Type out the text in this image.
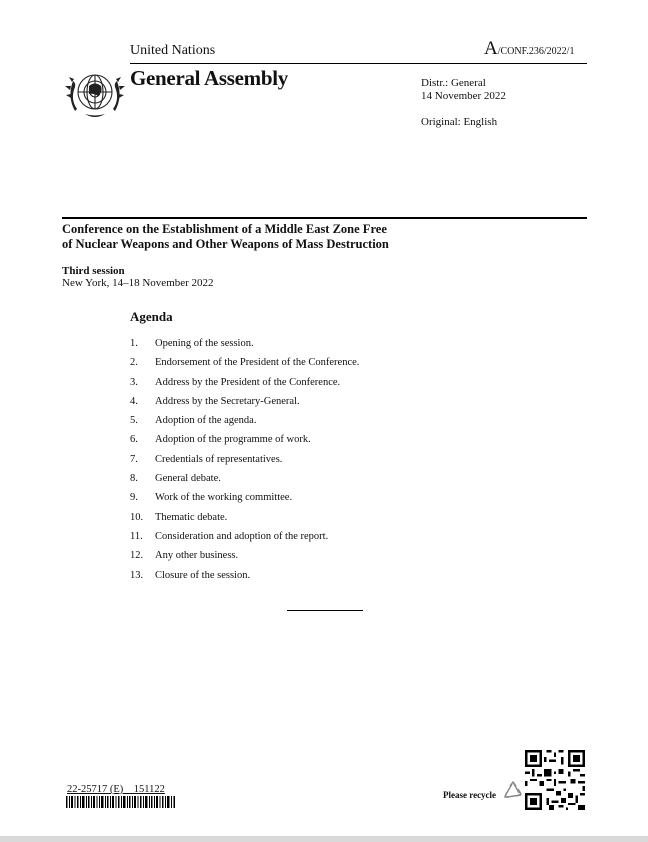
United Nations	A/CONF.236/2022/1
General Assembly	Distr.: General
14 November 2022
Original: English
Conference on the Establishment of a Middle East Zone Free of Nuclear Weapons and Other Weapons of Mass Destruction
Third session
New York, 14–18 November 2022
Agenda
1.	Opening of the session.
2.	Endorsement of the President of the Conference.
3.	Address by the President of the Conference.
4.	Address by the Secretary-General.
5.	Adoption of the agenda.
6.	Adoption of the programme of work.
7.	Credentials of representatives.
8.	General debate.
9.	Work of the working committee.
10.	Thematic debate.
11.	Consideration and adoption of the report.
12.	Any other business.
13.	Closure of the session.
22-25717 (E)    151122	Please recycle
